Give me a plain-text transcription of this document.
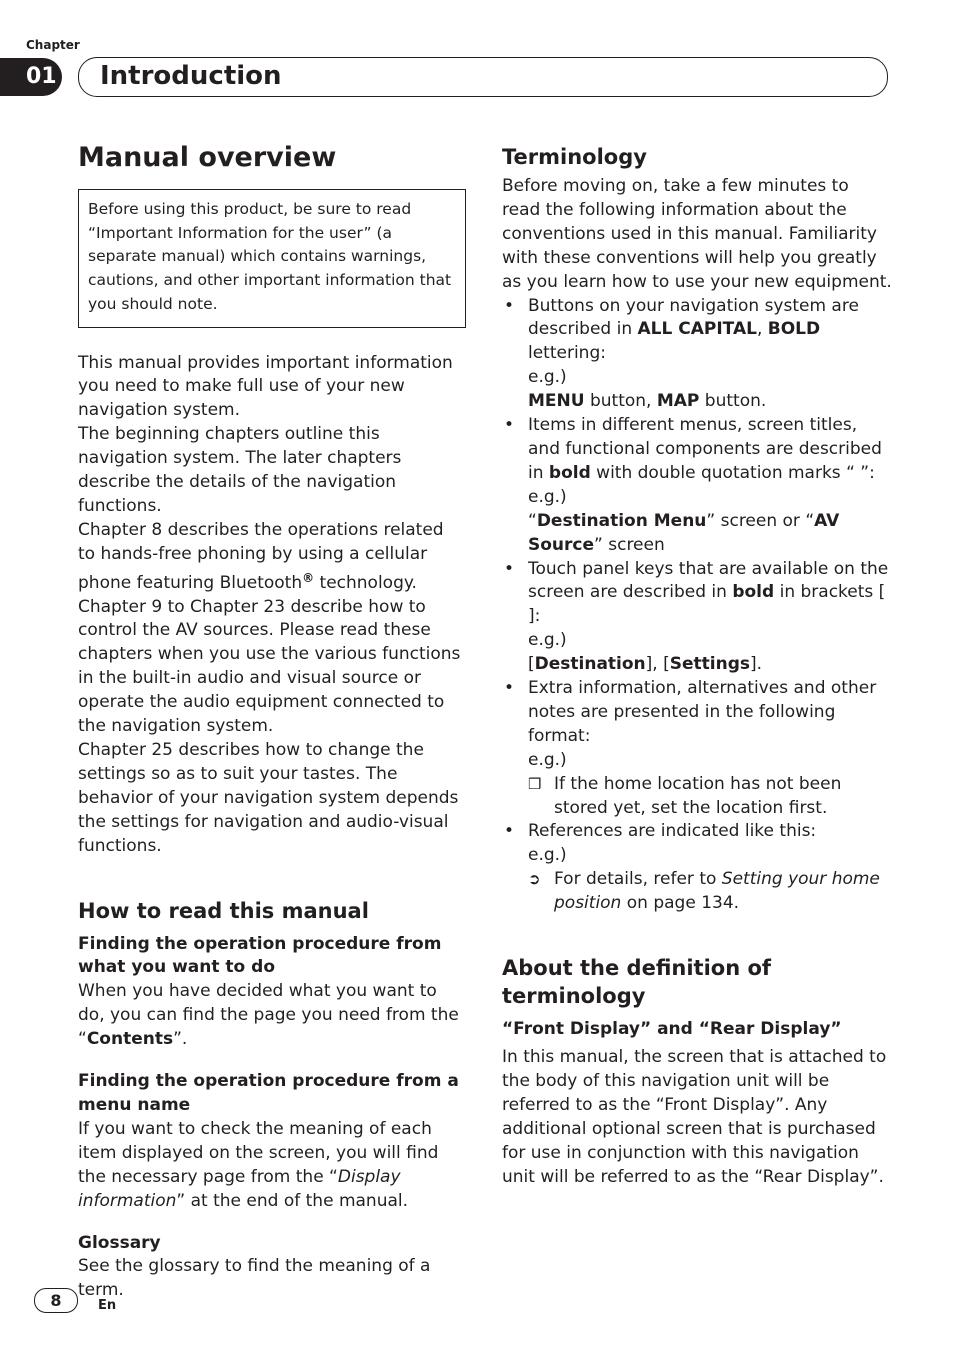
Chapter
01 Introduction
Manual overview

Before using this product, be sure to read “Important Information for the user” (a separate manual) which contains warnings, cautions, and other important information that you should note.

This manual provides important information you need to make full use of your new navigation system.

The beginning chapters outline this navigation system. The later chapters describe the details of the navigation functions.

Chapter 8 describes the operations related to hands-free phoning by using a cellular phone featuring Bluetooth® technology.

Chapter 9 to Chapter 23 describe how to control the AV sources. Please read these chapters when you use the various functions in the built-in audio and visual source or operate the audio equipment connected to the navigation system.

Chapter 25 describes how to change the settings so as to suit your tastes. The behavior of your navigation system depends the settings for navigation and audio-visual functions.

How to read this manual
Finding the operation procedure from what you want to do

When you have decided what you want to do, you can find the page you need from the “Contents”.

Finding the operation procedure from a menu name

If you want to check the meaning of each item displayed on the screen, you will find the necessary page from the “Display information” at the end of the manual.

Glossary

See the glossary to find the meaning of a term.

Terminology

Before moving on, take a few minutes to read the following information about the conventions used in this manual. Familiarity with these conventions will help you greatly as you learn how to use your new equipment.

• Buttons on your navigation system are described in ALL CAPITAL, BOLD lettering:

e.g.)

MENU button, MAP button.

• Items in different menus, screen titles, and functional components are described in bold with double quotation marks “ ”:

e.g.)

“Destination Menu” screen or “AV Source” screen

• Touch panel keys that are available on the screen are described in bold in brackets [ ]:

e.g.)

[Destination], [Settings].

• Extra information, alternatives and other notes are presented in the following format:

e.g.)

❒ If the home location has not been stored yet, set the location first.

• References are indicated like this:

e.g.)

➲ For details, refer to Setting your home position on page 134.

About the definition of terminology
“Front Display” and “Rear Display”

In this manual, the screen that is attached to the body of this navigation unit will be referred to as the “Front Display”. Any additional optional screen that is purchased for use in conjunction with this navigation unit will be referred to as the “Rear Display”.

8	En
